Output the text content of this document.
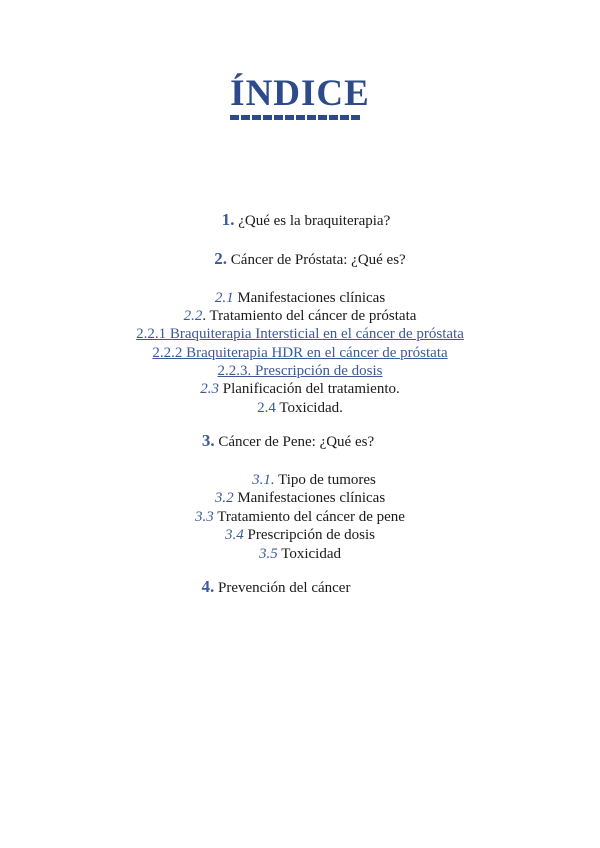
ÍNDICE
1. ¿Qué es la braquiterapia?
2. Cáncer de Próstata: ¿Qué es?
2.1 Manifestaciones clínicas
2.2. Tratamiento del cáncer de próstata
2.2.1 Braquiterapia Intersticial en el cáncer de próstata
2.2.2 Braquiterapia HDR en el cáncer de próstata
2.2.3. Prescripción de dosis
2.3 Planificación del tratamiento.
2.4 Toxicidad.
3. Cáncer de Pene: ¿Qué es?
3.1. Tipo de tumores
3.2 Manifestaciones clínicas
3.3 Tratamiento del cáncer de pene
3.4 Prescripción de dosis
3.5 Toxicidad
4. Prevención del cáncer
